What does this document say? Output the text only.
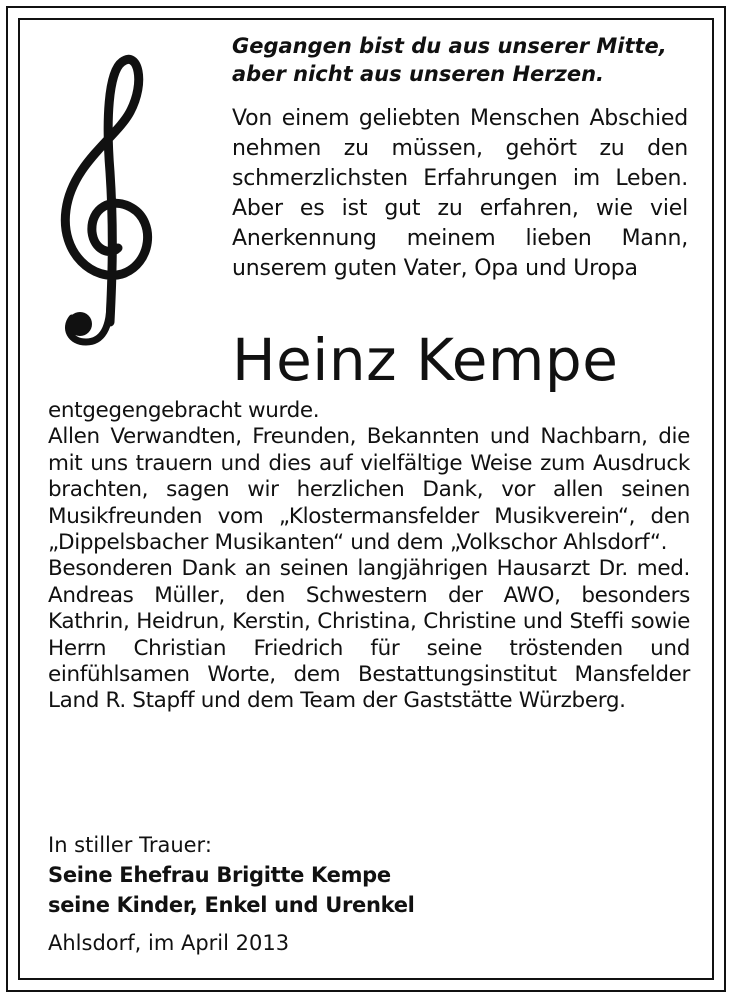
Gegangen bist du aus unserer Mitte,
aber nicht aus unseren Herzen.
Von einem geliebten Menschen Abschied nehmen zu müssen, gehört zu den schmerzlichsten Erfahrungen im Leben. Aber es ist gut zu erfahren, wie viel Anerkennung meinem lieben Mann, unserem guten Vater, Opa und Uropa
Heinz Kempe

entgegengebracht wurde.

Allen Verwandten, Freunden, Bekannten und Nachbarn, die mit uns trauern und dies auf vielfältige Weise zum Ausdruck brachten, sagen wir herzlichen Dank, vor allen seinen Musikfreunden vom „Klostermansfelder Musikverein“, den „Dippelsbacher Musikanten“ und dem „Volkschor Ahlsdorf“.

Besonderen Dank an seinen langjährigen Hausarzt Dr. med. Andreas Müller, den Schwestern der AWO, besonders Kathrin, Heidrun, Kerstin, Christina, Christine und Steffi sowie Herrn Christian Friedrich für seine tröstenden und einfühlsamen Worte, dem Bestattungsinstitut Mansfelder Land R. Stapff und dem Team der Gaststätte Würzberg.

In stiller Trauer:
Seine Ehefrau Brigitte Kempe
seine Kinder, Enkel und Urenkel
Ahlsdorf, im April 2013
